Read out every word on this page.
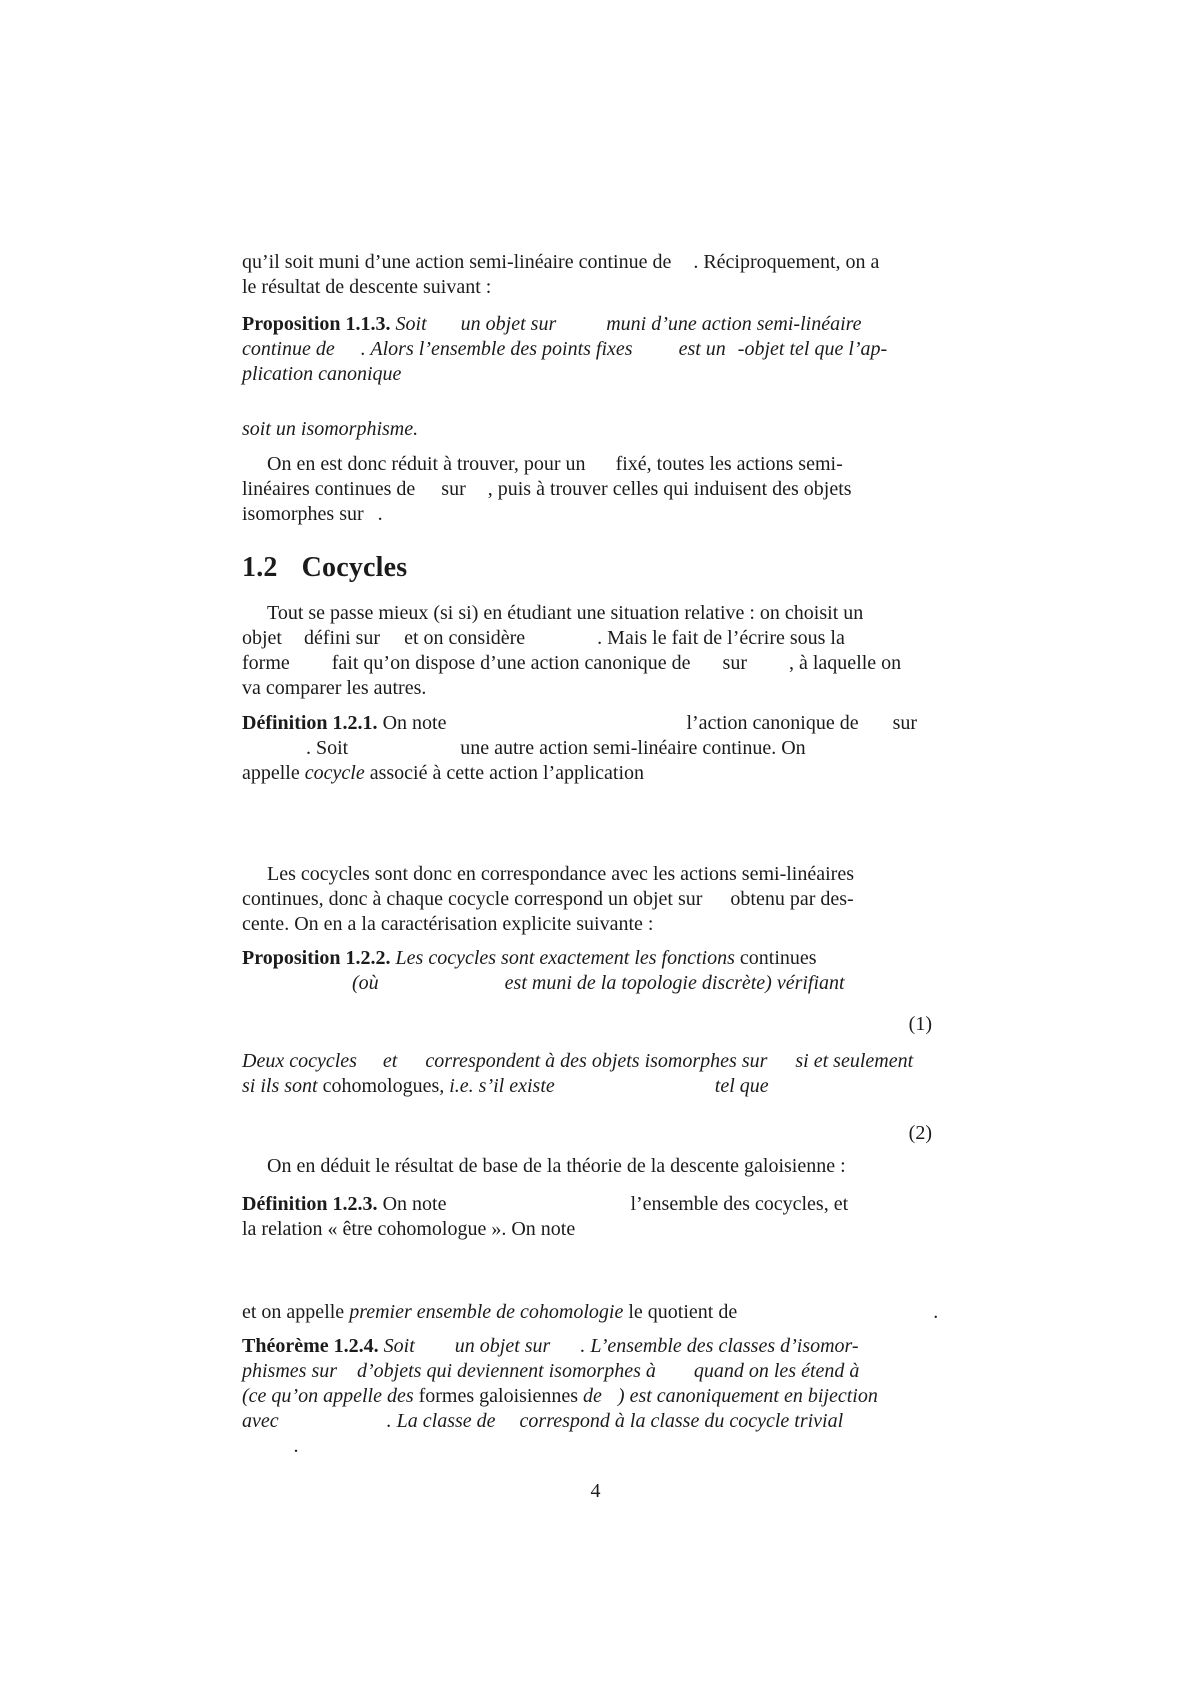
qu’il soit muni d’une action semi-linéaire continue de . Réciproquement, on a
le résultat de descente suivant :
Proposition 1.1.3. Soit un objet sur	muni d’une action semi-linéaire
continue de . Alors l’ensemble des points fixes est un -objet tel que l’ap-
plication canonique
soit un isomorphisme.
On en est donc réduit à trouver, pour un fixé, toutes les actions semi-
linéaires continues de sur , puis à trouver celles qui induisent des objets
isomorphes sur .
1.2 Cocycles
Tout se passe mieux (si si) en étudiant une situation relative : on choisit un
objet défini sur et on considère	. Mais le fait de l’écrire sous la
forme fait qu’on dispose d’une action canonique de sur , à laquelle on
va comparer les autres.
Définition 1.2.1. On note	l’action canonique de sur
. Soit	une autre action semi-linéaire continue. On
appelle cocycle associé à cette action l’application
Les cocycles sont donc en correspondance avec les actions semi-linéaires
continues, donc à chaque cocycle correspond un objet sur obtenu par des-
cente. On en a la caractérisation explicite suivante :
Proposition 1.2.2. Les cocycles sont exactement les fonctions continues
(où	est muni de la topologie discrète) vérifiant
(1)
Deux cocycles et correspondent à des objets isomorphes sur si et seulement
si ils sont cohomologues, i.e. s’il existe	tel que
(2)
On en déduit le résultat de base de la théorie de la descente galoisienne :
Définition 1.2.3. On note	l’ensemble des cocycles, et
la relation « être cohomologue ». On note
et on appelle premier ensemble de cohomologie le quotient de	.
Théorème 1.2.4. Soit un objet sur . L’ensemble des classes d’isomor-
phismes sur d’objets qui deviennent isomorphes à quand on les étend à
(ce qu’on appelle des formes galoisiennes de ) est canoniquement en bijection
avec	. La classe de correspond à la classe du cocycle trivial
.
4
